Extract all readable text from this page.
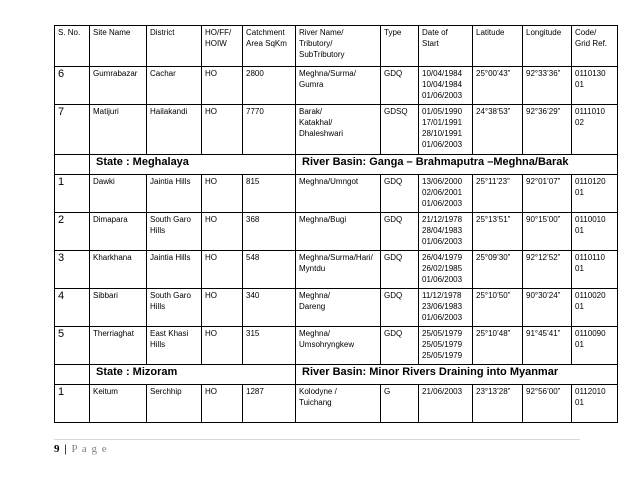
S. No.	Site Name	District	HO/FF/
HOIW	Catchment
Area SqKm	River Name/
Tributory/
SubTributory	Type	Date of
Start	Latitude	Longitude	Code/
Grid Ref.
6	Gumrabazar	Cachar	HO	2800	Meghna/Surma/
Gumra	GDQ	10/04/1984
10/04/1984
01/06/2003	25°00’43”	92°33’36”	0110130
01
7	Matijuri	Hailakandi	HO	7770	Barak/
Katakhal/
Dhaleshwari	GDSQ	01/05/1990
17/01/1991
28/10/1991
01/06/2003	24°38’53”	92°36’29”	0111010
02
	State : Meghalaya				River Basin: Ganga – Brahmaputra –Meghna/Barak					
1	Dawki	Jaintia Hills	HO	815	Meghna/Umngot	GDQ	13/06/2000
02/06/2001
01/06/2003	25°11’23”	92°01’07”	0110120
01
2	Dimapara	South Garo
Hills	HO	368	Meghna/Bugi	GDQ	21/12/1978
28/04/1983
01/06/2003	25°13’51”	90°15’00”	0110010
01
3	Kharkhana	Jaintia Hills	HO	548	Meghna/Surma/Hari/
Myntdu	GDQ	26/04/1979
26/02/1985
01/06/2003	25°09’30”	92°12’52”	0110110
01
4	Sibbari	South Garo
Hills	HO	340	Meghna/
Dareng	GDQ	11/12/1978
23/06/1983
01/06/2003	25°10’50”	90°30’24”	0110020
01
5	Therriaghat	East Khasi
Hills	HO	315	Meghna/
Umsohryngkew	GDQ	25/05/1979
25/05/1979
25/05/1979	25°10’48”	91°45’41”	0110090
01
	State : Mizoram				River Basin: Minor Rivers Draining into Myanmar					
1	Keitum	Serchhip	HO	1287	Kolodyne /
Tuichang	G	21/06/2003	23°13’28”	92°56’00”	0112010
01
9 | P a g e
